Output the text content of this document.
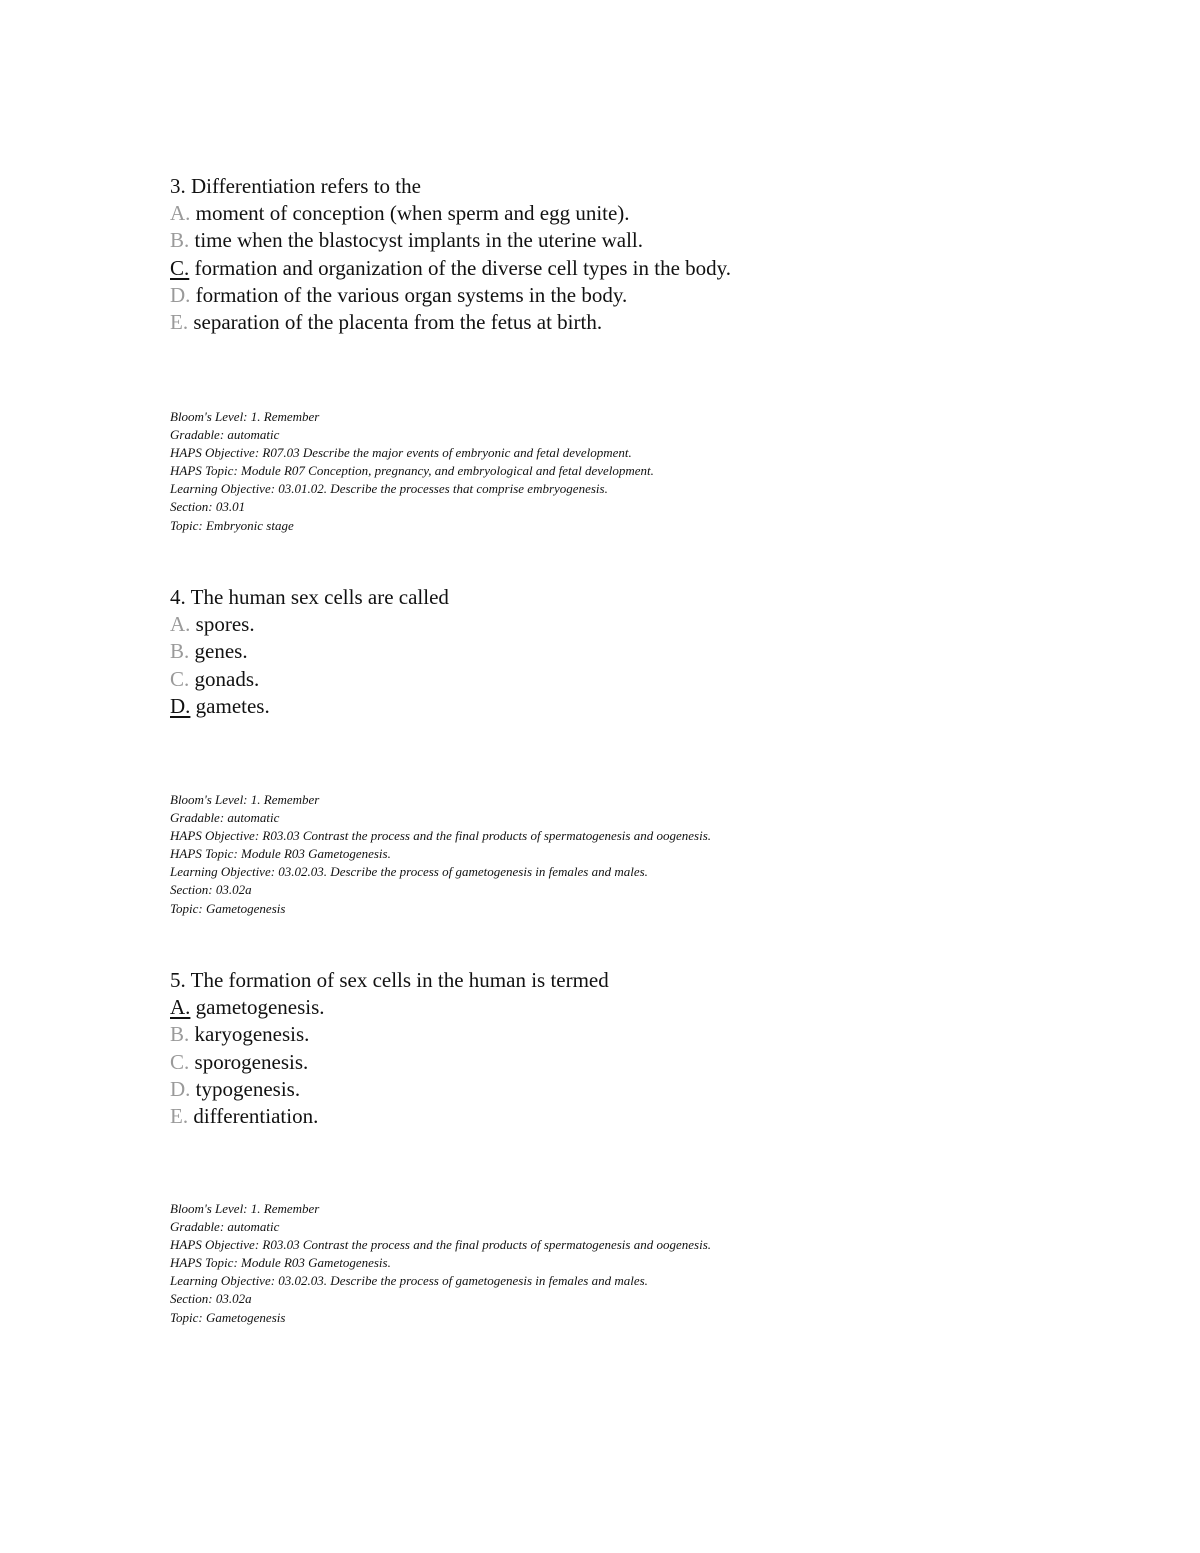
3. Differentiation refers to the
A. moment of conception (when sperm and egg unite).
B. time when the blastocyst implants in the uterine wall.
C. formation and organization of the diverse cell types in the body.
D. formation of the various organ systems in the body.
E. separation of the placenta from the fetus at birth.
Bloom's Level: 1. Remember
Gradable: automatic
HAPS Objective: R07.03 Describe the major events of embryonic and fetal development.
HAPS Topic: Module R07 Conception, pregnancy, and embryological and fetal development.
Learning Objective: 03.01.02. Describe the processes that comprise embryogenesis.
Section: 03.01
Topic: Embryonic stage
4. The human sex cells are called
A. spores.
B. genes.
C. gonads.
D. gametes.
Bloom's Level: 1. Remember
Gradable: automatic
HAPS Objective: R03.03 Contrast the process and the final products of spermatogenesis and oogenesis.
HAPS Topic: Module R03 Gametogenesis.
Learning Objective: 03.02.03. Describe the process of gametogenesis in females and males.
Section: 03.02a
Topic: Gametogenesis
5. The formation of sex cells in the human is termed
A. gametogenesis.
B. karyogenesis.
C. sporogenesis.
D. typogenesis.
E. differentiation.
Bloom's Level: 1. Remember
Gradable: automatic
HAPS Objective: R03.03 Contrast the process and the final products of spermatogenesis and oogenesis.
HAPS Topic: Module R03 Gametogenesis.
Learning Objective: 03.02.03. Describe the process of gametogenesis in females and males.
Section: 03.02a
Topic: Gametogenesis
